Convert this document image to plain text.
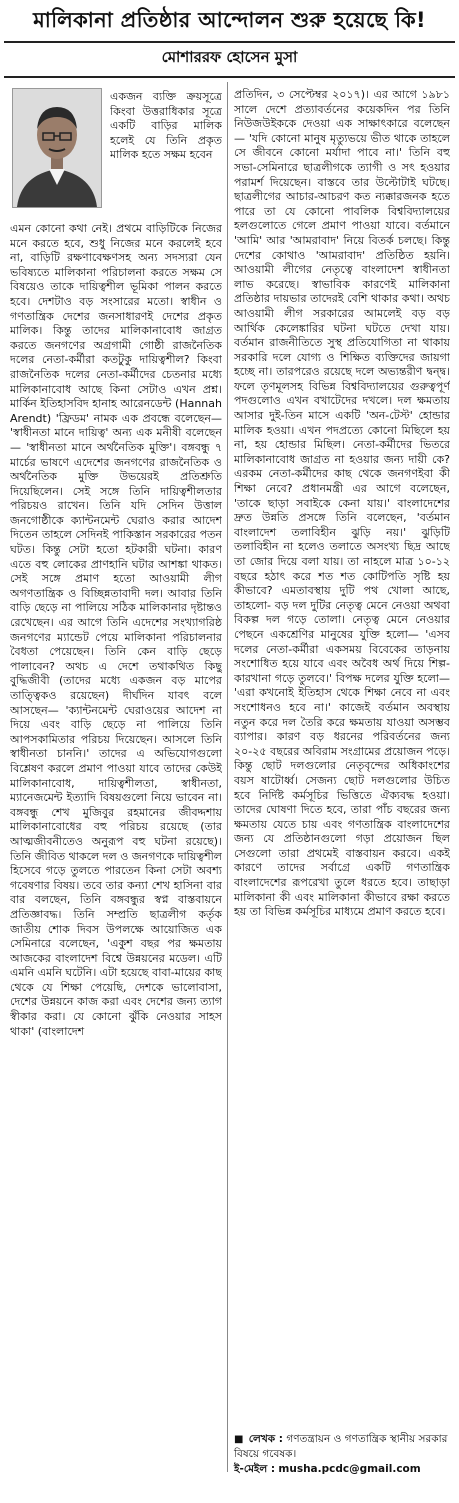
মালিকানা প্রতিষ্ঠার আন্দোলন শুরু হয়েছে কি!
মোশাররফ হোসেন মুসা

একজন ব্যক্তি ক্রয়সূত্রে কিংবা উত্তরাধিকার সূত্রে একটি বাড়ির মালিক হলেই যে তিনি প্রকৃত মালিক হতে সক্ষম হবেন

এমন কোনো কথা নেই। প্রথমে বাড়িটিকে নিজের মনে করতে হবে, শুধু নিজের মনে করলেই হবে না, বাড়িটি রক্ষণাবেক্ষণসহ অন্য সদস্যরা যেন ভবিষ্যতে মালিকানা পরিচালনা করতে সক্ষম সে বিষয়েও তাকে দায়িত্বশীল ভূমিকা পালন করতে হবে। দেশটাও বড় সংসারের মতো। স্বাধীন ও গণতান্ত্রিক দেশের জনসাধারণই দেশের প্রকৃত মালিক। কিন্তু তাদের মালিকানাবোধ জাগ্রত করতে জনগণের অগ্রগামী গোষ্ঠী রাজনৈতিক দলের নেতা-কর্মীরা কতটুকু দায়িত্বশীল? কিংবা রাজনৈতিক দলের নেতা-কর্মীদের চেতনার মধ্যে মালিকানাবোধ আছে কিনা সেটাও এখন প্রশ্ন। মার্কিন ইতিহাসবিদ হানাহ আরেনডেন্ট (Hannah Arendt) 'ফ্রিডম' নামক এক প্রবন্ধে বলেছেন— 'স্বাধীনতা মানে দায়িত্ব' অন্য এক মনীষী বলেছেন— 'স্বাধীনতা মানে অর্থনৈতিক মুক্তি'। বঙ্গবন্ধু ৭ মার্চের ভাষণে এদেশের জনগণের রাজনৈতিক ও অর্থনৈতিক মুক্তি উভয়েরই প্রতিশ্রুতি দিয়েছিলেন। সেই সঙ্গে তিনি দায়িত্বশীলতার পরিচয়ও রাখেন। তিনি যদি সেদিন উত্তাল জনগোষ্ঠীকে ক্যান্টনমেন্ট ঘেরাও করার আদেশ দিতেন তাহলে সেদিনই পাকিস্তান সরকারের পতন ঘটত। কিন্তু সেটা হতো হটকারী ঘটনা। কারণ এতে বহু লোকের প্রাণহানি ঘটার আশঙ্কা থাকত। সেই সঙ্গে প্রমাণ হতো আওয়ামী লীগ অগণতান্ত্রিক ও বিচ্ছিন্নতাবাদী দল। আবার তিনি বাড়ি ছেড়ে না পালিয়ে সঠিক মালিকানার দৃষ্টান্তও রেখেছেন। এর আগে তিনি এদেশের সংখ্যাগরিষ্ঠ জনগণের ম্যান্ডেট পেয়ে মালিকানা পরিচালনার বৈধতা পেয়েছেন। তিনি কেন বাড়ি ছেড়ে পালাবেন? অথচ এ দেশে তথাকথিত কিছু বুদ্ধিজীবী (তাদের মধ্যে একজন বড় মাপের তাত্ত্বিকও রয়েছেন) দীর্ঘদিন যাবৎ বলে আসছেন— 'ক্যান্টনমেন্ট ঘেরাওয়ের আদেশ না দিয়ে এবং বাড়ি ছেড়ে না পালিয়ে তিনি আপসকামিতার পরিচয় দিয়েছেন। আসলে তিনি স্বাধীনতা চাননি।' তাদের এ অভিযোগগুলো বিশ্লেষণ করলে প্রমাণ পাওয়া যাবে তাদের কেউই মালিকানাবোধ, দায়িত্বশীলতা, স্বাধীনতা, ম্যানেজমেন্ট ইত্যাদি বিষয়গুলো নিয়ে ভাবেন না। বঙ্গবন্ধু শেখ মুজিবুর রহমানের জীবদ্দশায় মালিকানাবোধের বহু পরিচয় রয়েছে (তার আত্মজীবনীতেও অনুরূপ বহু ঘটনা রয়েছে)। তিনি জীবিত থাকলে দল ও জনগণকে দায়িত্বশীল হিসেবে গড়ে তুলতে পারতেন কিনা সেটা অবশ্য গবেষণার বিষয়। তবে তার কন্যা শেখ হাসিনা বার বার বলছেন, তিনি বঙ্গবন্ধুর স্বপ্ন বাস্তবায়নে প্রতিজ্ঞাবদ্ধ। তিনি সম্প্রতি ছাত্রলীগ কর্তৃক জাতীয় শোক দিবস উপলক্ষে আয়োজিত এক সেমিনারে বলেছেন, 'একুশ বছর পর ক্ষমতায় আজকের বাংলাদেশ বিশ্বে উন্নয়নের মডেল। এটি এমনি এমনি ঘটেনি। এটা হয়েছে বাবা-মায়ের কাছ থেকে যে শিক্ষা পেয়েছি, দেশকে ভালোবাসা, দেশের উন্নয়নে কাজ করা এবং দেশের জন্য ত্যাগ স্বীকার করা। যে কোনো ঝুঁকি নেওয়ার সাহস থাকা' (বাংলাদেশ

প্রতিদিন, ৩ সেপ্টেম্বর ২০১৭)। এর আগে ১৯৮১ সালে দেশে প্রত্যাবর্তনের কয়েকদিন পর তিনি নিউজউইককে দেওয়া এক সাক্ষাৎকারে বলেছেন— 'যদি কোনো মানুষ মৃত্যুভয়ে ভীত থাকে তাহলে সে জীবনে কোনো মর্যাদা পাবে না।' তিনি বহু সভা-সেমিনারে ছাত্রলীগকে ত্যাগী ও সৎ হওয়ার পরামর্শ দিয়েছেন। বাস্তবে তার উল্টোটাই ঘটছে। ছাত্রলীগের আচার-আচরণ কত ন্যক্কারজনক হতে পারে তা যে কোনো পাবলিক বিশ্ববিদ্যালয়ের হলগুলোতে গেলে প্রমাণ পাওয়া যাবে। বর্তমানে 'আমি' আর 'আমরাবাদ' নিয়ে বিতর্ক চলছে। কিন্তু দেশের কোথাও 'আমরাবাদ' প্রতিষ্ঠিত হয়নি। আওয়ামী লীগের নেতৃত্বে বাংলাদেশ স্বাধীনতা লাভ করেছে। স্বাভাবিক কারণেই মালিকানা প্রতিষ্ঠার দায়ভার তাদেরই বেশি থাকার কথা। অথচ আওয়ামী লীগ সরকারের আমলেই বড় বড় আর্থিক কেলেঙ্কারির ঘটনা ঘটতে দেখা যায়। বর্তমান রাজনীতিতে সুস্থ প্রতিযোগিতা না থাকায় সরকারি দলে যোগ্য ও শিক্ষিত ব্যক্তিদের জায়গা হচ্ছে না। তারপরেও রয়েছে দলে অভ্যন্তরীণ দ্বন্দ্ব। ফলে তৃণমূলসহ বিভিন্ন বিশ্ববিদ্যালয়ের গুরুত্বপূর্ণ পদগুলোও এখন বখাটেদের দখলে। দল ক্ষমতায় আসার দুই-তিন মাসে একটি 'অন-টেস্ট' হোন্ডার মালিক হওয়া। এখন পদপ্রত্যে কোনো মিছিলে হয় না, হয় হোন্ডার মিছিল। নেতা-কর্মীদের ভিতরে মালিকানাবোধ জাগ্রত না হওয়ার জন্য দায়ী কে? এরকম নেতা-কর্মীদের কাছ থেকে জনগণইবা কী শিক্ষা নেবে? প্রধানমন্ত্রী এর আগে বলেছেন, 'তাকে ছাড়া সবাইকে কেনা যায়।' বাংলাদেশের দ্রুত উন্নতি প্রসঙ্গে তিনি বলেছেন, 'বর্তমান বাংলাদেশ তলাবিহীন ঝুড়ি নয়।' ঝুড়িটি তলাবিহীন না হলেও তলাতে অসংখ্য ছিদ্র আছে তা জোর দিয়ে বলা যায়। তা নাহলে মাত্র ১০-১২ বছরে হঠাৎ করে শত শত কোটিপতি সৃষ্টি হয় কীভাবে? এমতাবস্থায় দুটি পথ খোলা আছে, তাহলো- বড় দল দুটির নেতৃত্ব মেনে নেওয়া অথবা বিকল্প দল গড়ে তোলা। নেতৃত্ব মেনে নেওয়ার পেছনে একশ্রেণির মানুষের যুক্তি হলো— 'এসব দলের নেতা-কর্মীরা একসময় বিবেকের তাড়নায় সংশোধিত হয়ে যাবে এবং অবৈধ অর্থ দিয়ে শিল্প-কারখানা গড়ে তুলবে।' বিপক্ষ দলের যুক্তি হলো— 'এরা কখনোই ইতিহাস থেকে শিক্ষা নেবে না এবং সংশোধনও হবে না।' কাজেই বর্তমান অবস্থায় নতুন করে দল তৈরি করে ক্ষমতায় যাওয়া অসম্ভব ব্যাপার। কারণ বড় ধরনের পরিবর্তনের জন্য ২০-২৫ বছরের অবিরাম সংগ্রামের প্রয়োজন পড়ে। কিন্তু ছোট দলগুলোর নেতৃবৃন্দের অধিকাংশের বয়স ষাটোর্ধ্ব। সেজন্য ছোট দলগুলোর উচিত হবে নির্দিষ্ট কর্মসূচির ভিত্তিতে ঐক্যবদ্ধ হওয়া। তাদের ঘোষণা দিতে হবে, তারা পাঁচ বছরের জন্য ক্ষমতায় যেতে চায় এবং গণতান্ত্রিক বাংলাদেশের জন্য যে প্রতিষ্ঠানগুলো গড়া প্রয়োজন ছিল সেগুলো তারা প্রথমেই বাস্তবায়ন করবে। একই কারণে তাদের সর্বাগ্রে একটি গণতান্ত্রিক বাংলাদেশের রূপরেখা তুলে ধরতে হবে। তাছাড়া মালিকানা কী এবং মালিকানা কীভাবে রক্ষা করতে হয় তা বিভিন্ন কর্মসূচির মাধ্যমে প্রমাণ করতে হবে।

■ লেখক : গণতন্ত্রায়ন ও গণতান্ত্রিক স্থানীয় সরকার বিষয়ে গবেষক।
ই-মেইল : musha.pcdc@gmail.com
